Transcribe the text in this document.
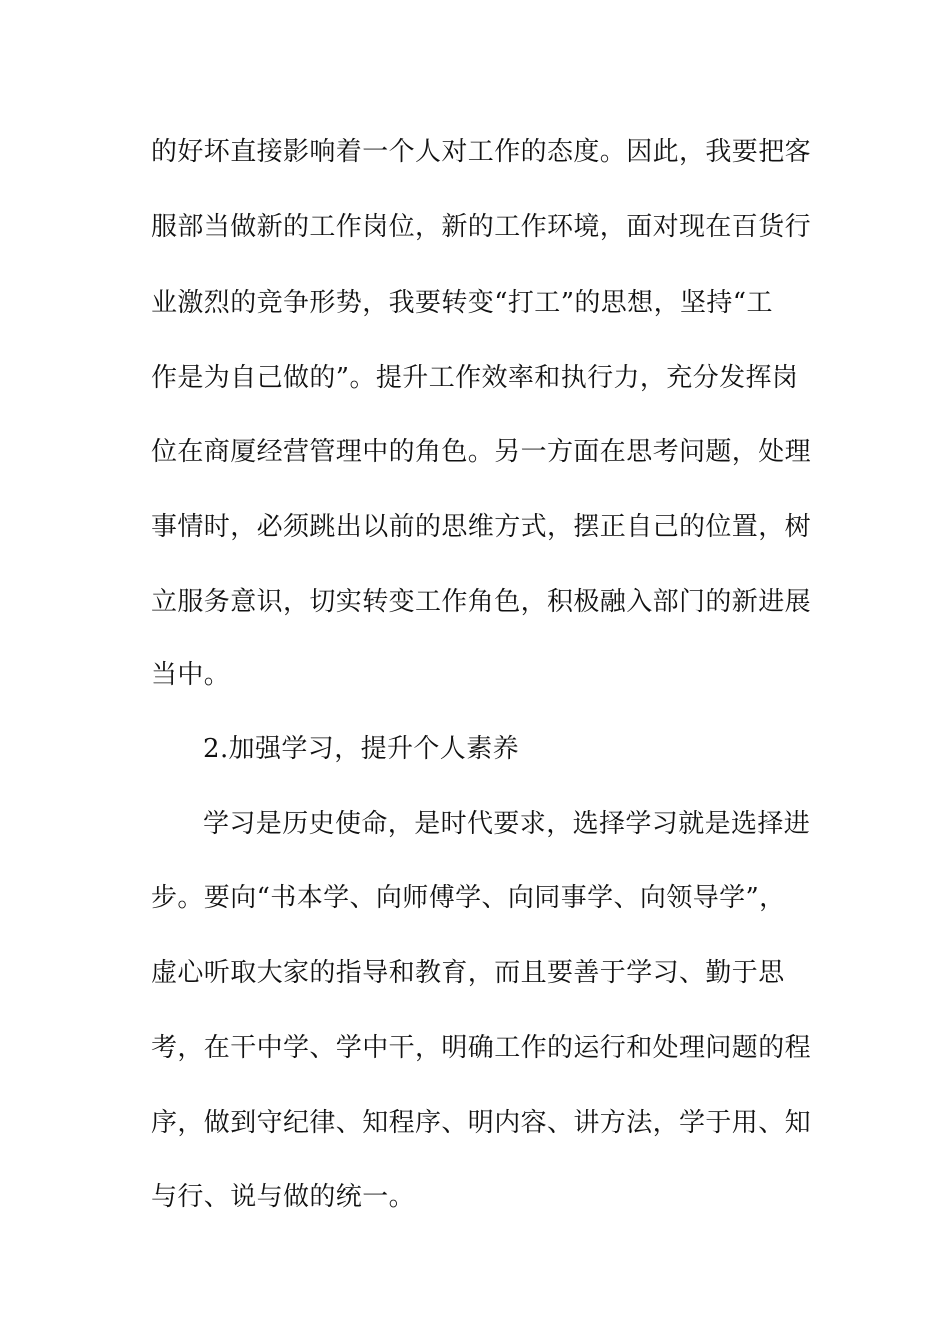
的好坏直接影响着一个人对工作的态度。因此，我要把客
服部当做新的工作岗位，新的工作环境，面对现在百货行
业激烈的竞争形势，我要转变“打工”的思想，坚持“工
作是为自己做的”。提升工作效率和执行力，充分发挥岗
位在商厦经营管理中的角色。另一方面在思考问题，处理
事情时，必须跳出以前的思维方式，摆正自己的位置，树
立服务意识，切实转变工作角色，积极融入部门的新进展
当中。
2.加强学习，提升个人素养
学习是历史使命，是时代要求，选择学习就是选择进
步。要向“书本学、向师傅学、向同事学、向领导学”，
虚心听取大家的指导和教育，而且要善于学习、勤于思
考，在干中学、学中干，明确工作的运行和处理问题的程
序，做到守纪律、知程序、明内容、讲方法，学于用、知
与行、说与做的统一。
